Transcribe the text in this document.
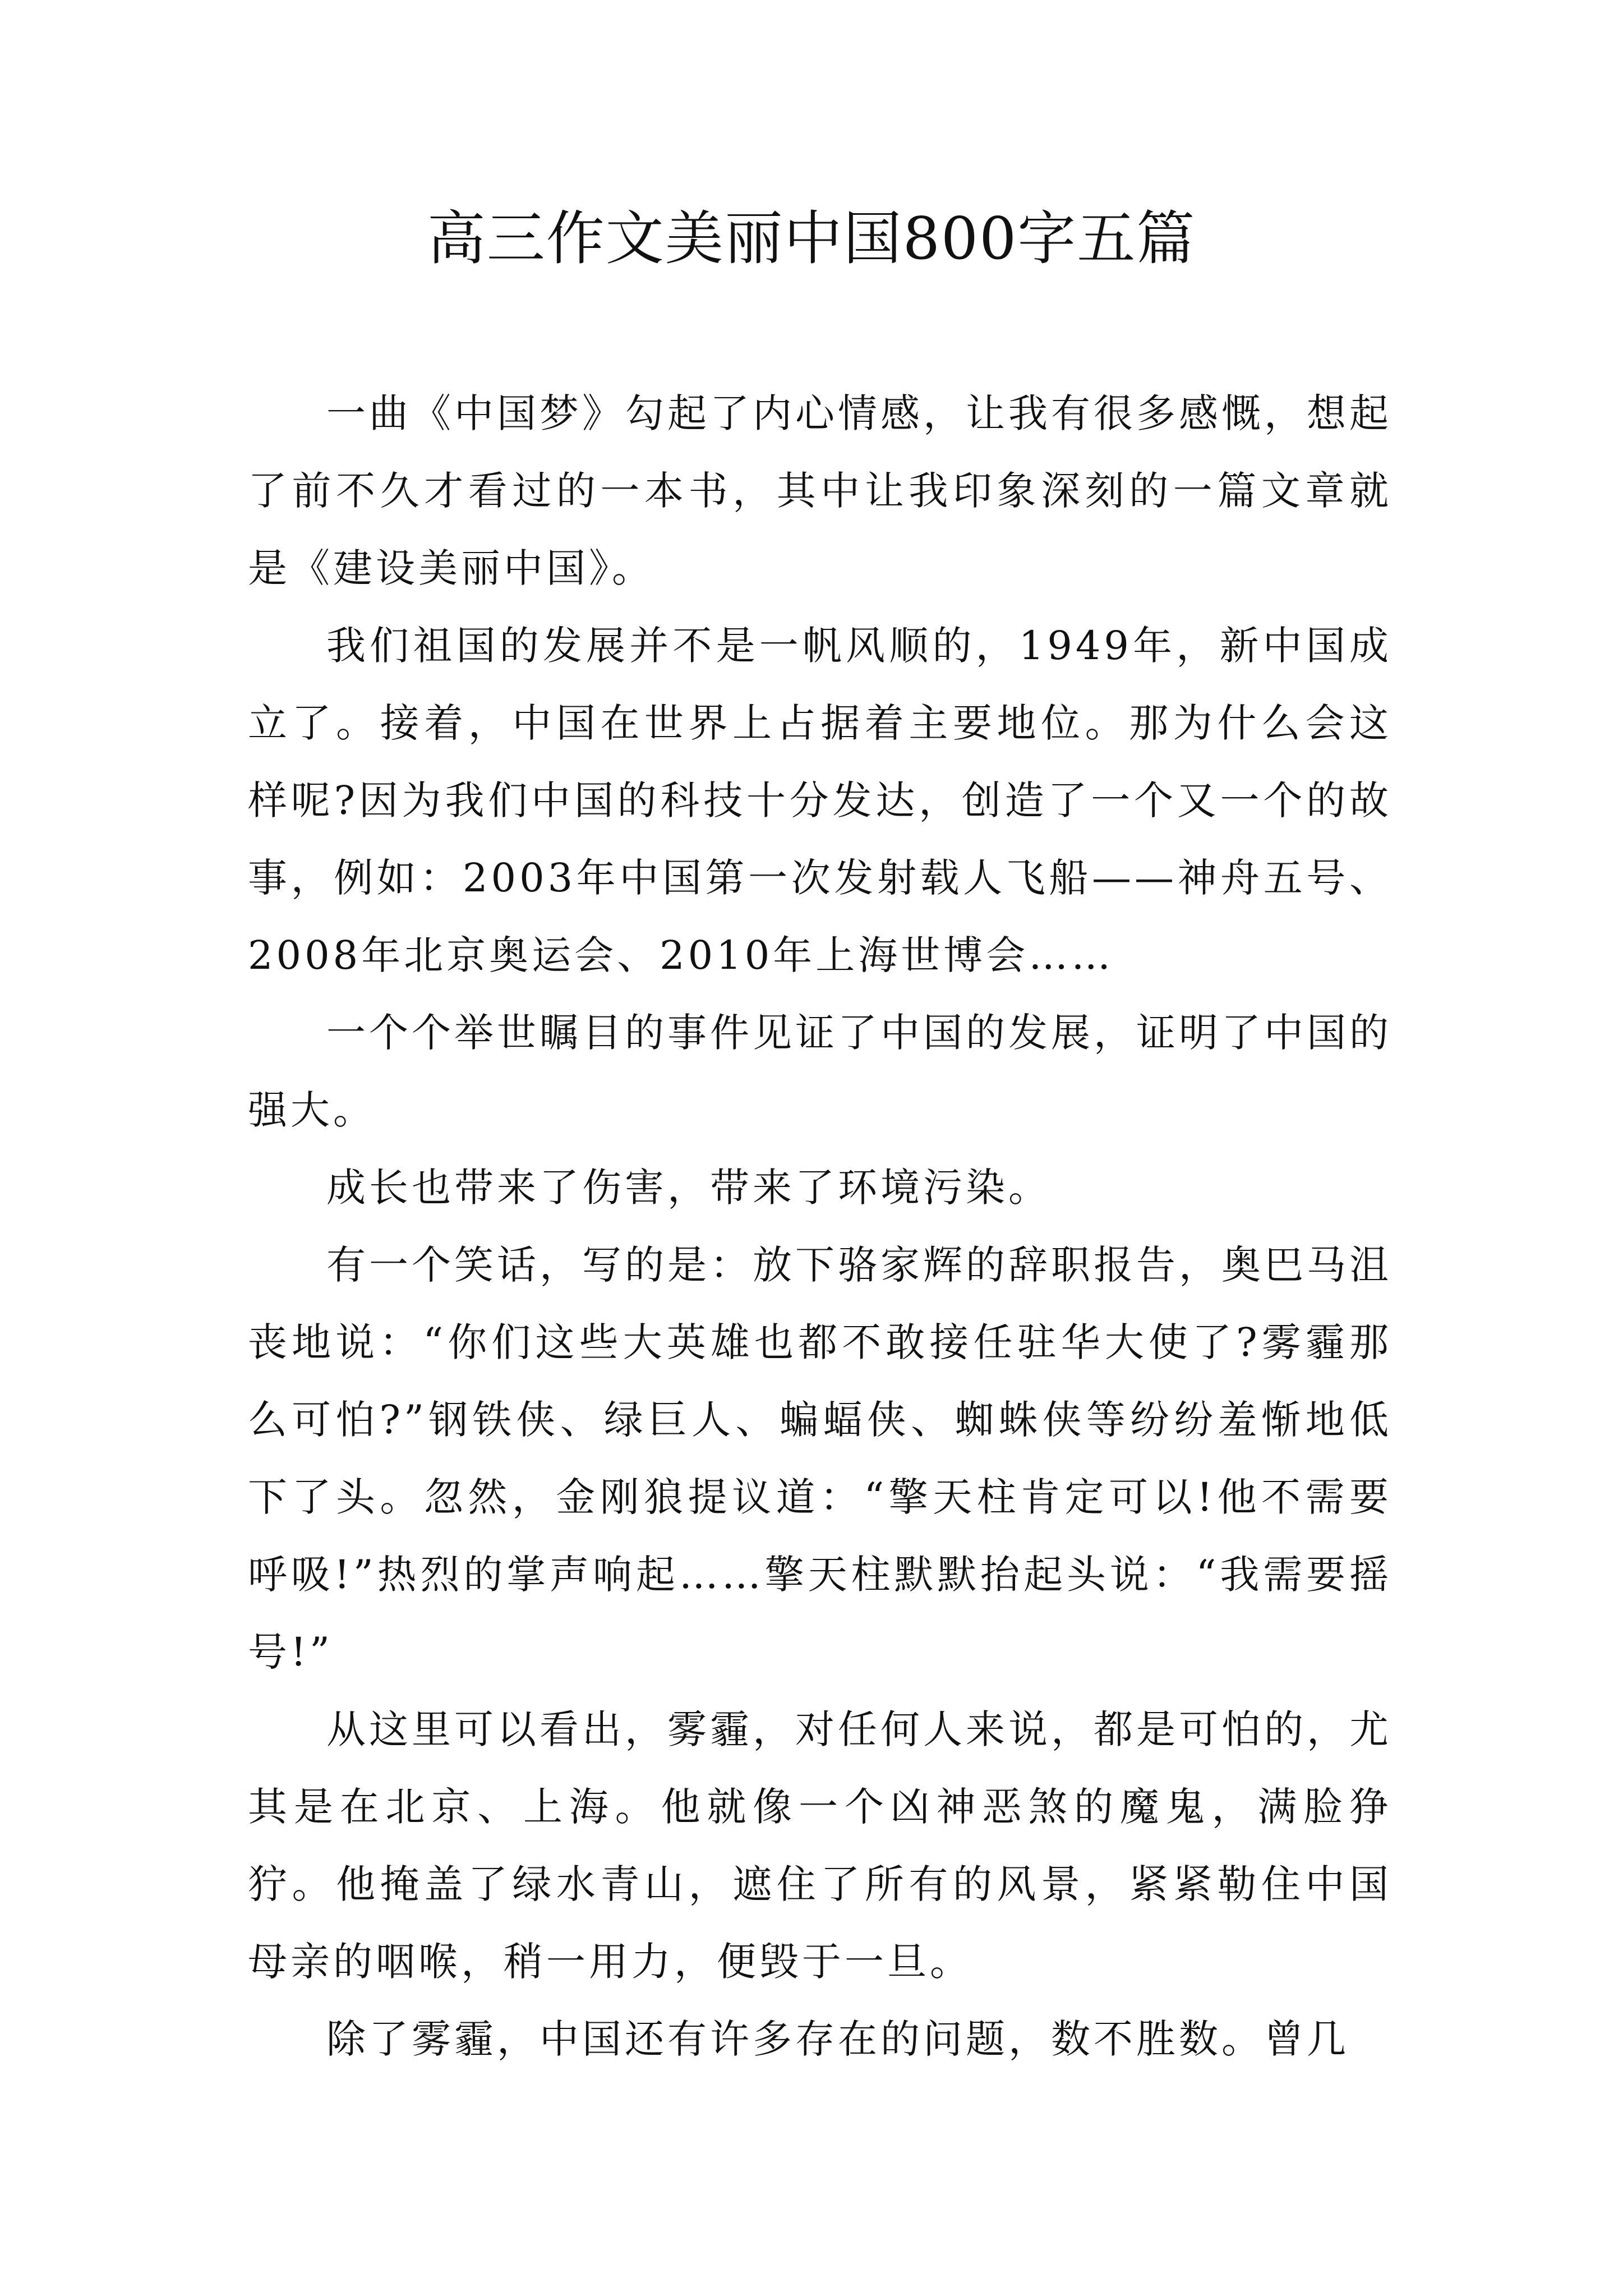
高三作文美丽中国800字五篇

一曲《中国梦》勾起了内心情感，让我有很多感慨，想起了前不久才看过的一本书，其中让我印象深刻的一篇文章就是《建设美丽中国》。

我们祖国的发展并不是一帆风顺的，1949年，新中国成立了。接着，中国在世界上占据着主要地位。那为什么会这样呢?因为我们中国的科技十分发达，创造了一个又一个的故事，例如：2003年中国第一次发射载人飞船——神舟五号、2008年北京奥运会、2010年上海世博会……

一个个举世瞩目的事件见证了中国的发展，证明了中国的强大。

成长也带来了伤害，带来了环境污染。

有一个笑话，写的是：放下骆家辉的辞职报告，奥巴马沮丧地说：“你们这些大英雄也都不敢接任驻华大使了?雾霾那么可怕?”钢铁侠、绿巨人、蝙蝠侠、蜘蛛侠等纷纷羞惭地低下了头。忽然，金刚狼提议道：“擎天柱肯定可以!他不需要呼吸!”热烈的掌声响起……擎天柱默默抬起头说：“我需要摇号!”

从这里可以看出，雾霾，对任何人来说，都是可怕的，尤其是在北京、上海。他就像一个凶神恶煞的魔鬼，满脸狰狞。他掩盖了绿水青山，遮住了所有的风景，紧紧勒住中国母亲的咽喉，稍一用力，便毁于一旦。

除了雾霾，中国还有许多存在的问题，数不胜数。曾几
